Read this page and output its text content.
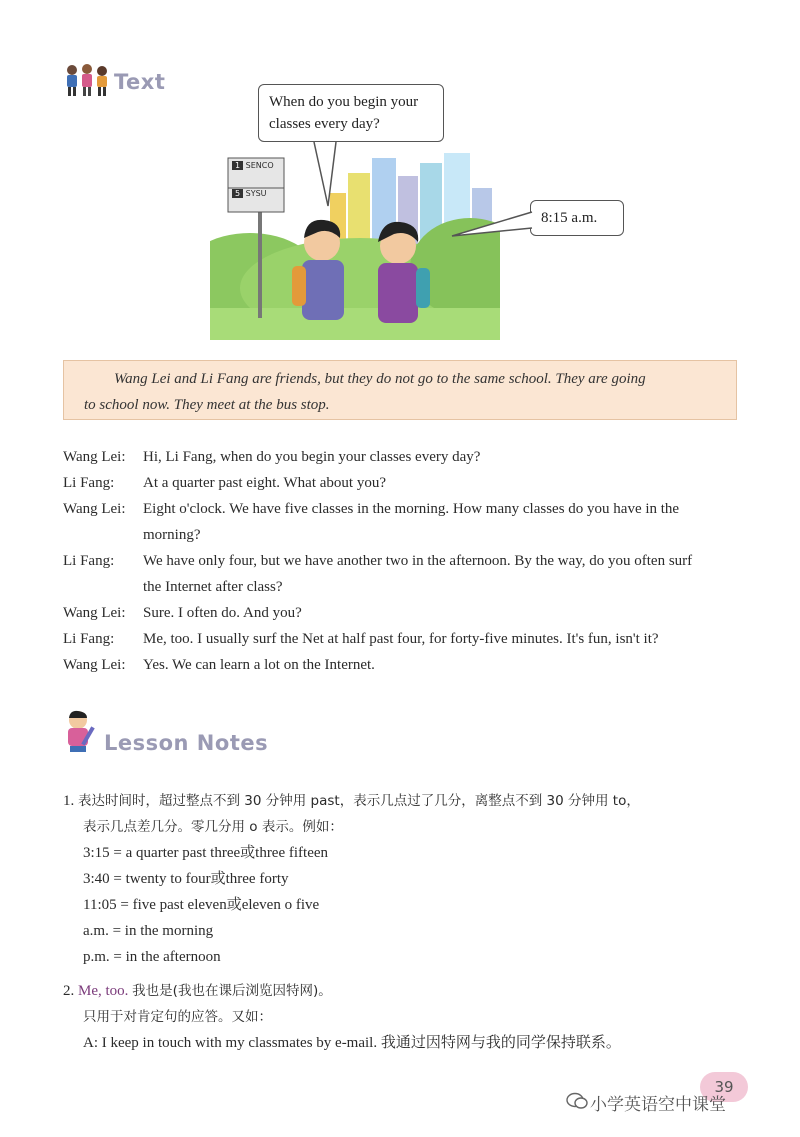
Text
1 SENCO
5 SYSU
When do you begin your classes every day?
8:15 a.m.
Wang Lei and Li Fang are friends, but they do not go to the same school. They are going
to school now. They meet at the bus stop.
Wang Lei:	Hi, Li Fang, when do you begin your classes every day?
Li Fang:	At a quarter past eight. What about you?
Wang Lei:	Eight o'clock. We have five classes in the morning. How many classes do you have in the
morning?
Li Fang:	We have only four, but we have another two in the afternoon. By the way, do you often surf
the Internet after class?
Wang Lei:	Sure. I often do. And you?
Li Fang:	Me, too. I usually surf the Net at half past four, for forty-five minutes. It's fun, isn't it?
Wang Lei:	Yes. We can learn a lot on the Internet.
Lesson Notes
1. 表达时间时，超过整点不到 30 分钟用 past，表示几点过了几分，离整点不到 30 分钟用 to，
表示几点差几分。零几分用 o 表示。例如：
3:15 = a quarter past three或three fifteen
3:40 = twenty to four或three forty
11:05 = five past eleven或eleven o five
a.m. = in the morning
p.m. = in the afternoon
2. Me, too. 我也是(我也在课后浏览因特网)。
只用于对肯定句的应答。又如：
A: I keep in touch with my classmates by e-mail. 我通过因特网与我的同学保持联系。
39
小学英语空中课堂
